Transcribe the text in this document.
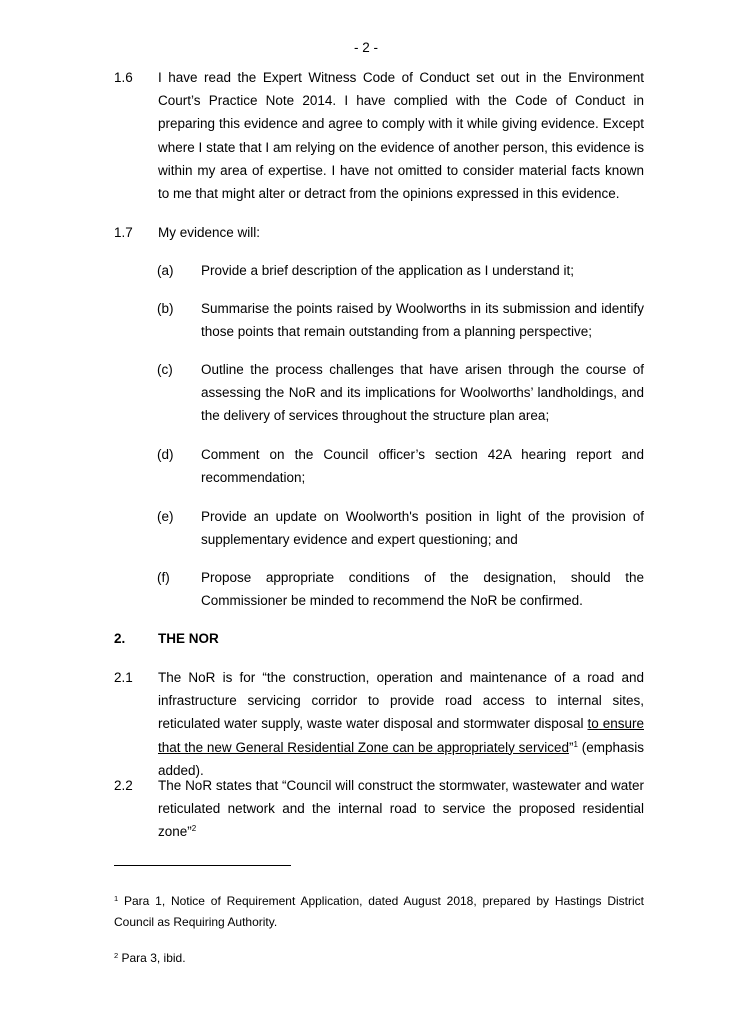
- 2 -
1.6 I have read the Expert Witness Code of Conduct set out in the Environment Court’s Practice Note 2014. I have complied with the Code of Conduct in preparing this evidence and agree to comply with it while giving evidence. Except where I state that I am relying on the evidence of another person, this evidence is within my area of expertise. I have not omitted to consider material facts known to me that might alter or detract from the opinions expressed in this evidence.
1.7 My evidence will:
(a) Provide a brief description of the application as I understand it;
(b) Summarise the points raised by Woolworths in its submission and identify those points that remain outstanding from a planning perspective;
(c) Outline the process challenges that have arisen through the course of assessing the NoR and its implications for Woolworths’ landholdings, and the delivery of services throughout the structure plan area;
(d) Comment on the Council officer’s section 42A hearing report and recommendation;
(e) Provide an update on Woolworth's position in light of the provision of supplementary evidence and expert questioning; and
(f) Propose appropriate conditions of the designation, should the Commissioner be minded to recommend the NoR be confirmed.
2. THE NOR
2.1 The NoR is for “the construction, operation and maintenance of a road and infrastructure servicing corridor to provide road access to internal sites, reticulated water supply, waste water disposal and stormwater disposal to ensure that the new General Residential Zone can be appropriately serviced”$^1$ (emphasis added).
2.2 The NoR states that “Council will construct the stormwater, wastewater and water reticulated network and the internal road to service the proposed residential zone”$^2$
$^1$ Para 1, Notice of Requirement Application, dated August 2018, prepared by Hastings District Council as Requiring Authority.
$^2$ Para 3, ibid.
